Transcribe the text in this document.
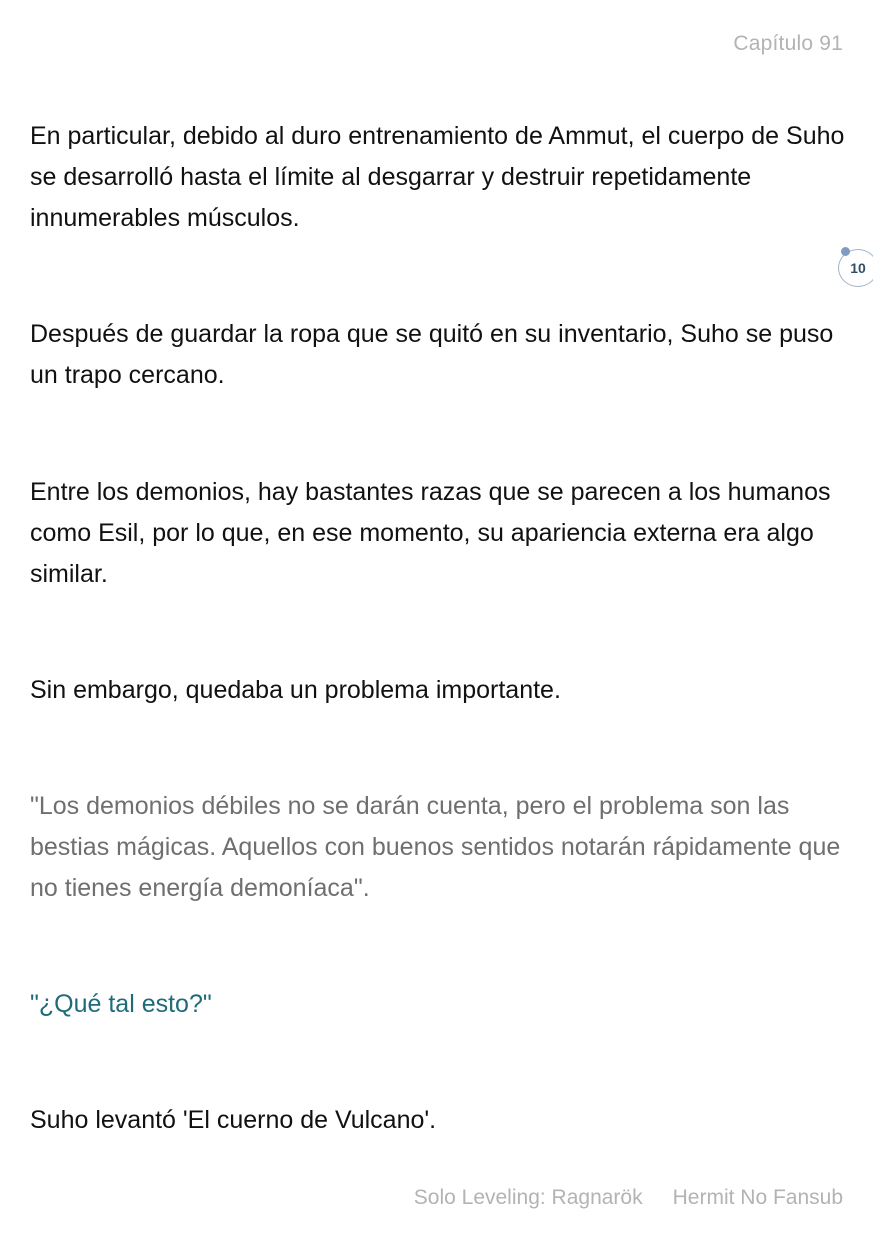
Capítulo 91

En particular, debido al duro entrenamiento de Ammut, el cuerpo de Suho se desarrolló hasta el límite al desgarrar y destruir repetidamente innumerables músculos.

Después de guardar la ropa que se quitó en su inventario, Suho se puso un trapo cercano.

Entre los demonios, hay bastantes razas que se parecen a los humanos como Esil, por lo que, en ese momento, su apariencia externa era algo similar.

Sin embargo, quedaba un problema importante.

"Los demonios débiles no se darán cuenta, pero el problema son las bestias mágicas. Aquellos con buenos sentidos notarán rápidamente que no tienes energía demoníaca".

"¿Qué tal esto?"

Suho levantó 'El cuerno de Vulcano'.

10
Solo Leveling: Ragnarök Hermit No Fansub
